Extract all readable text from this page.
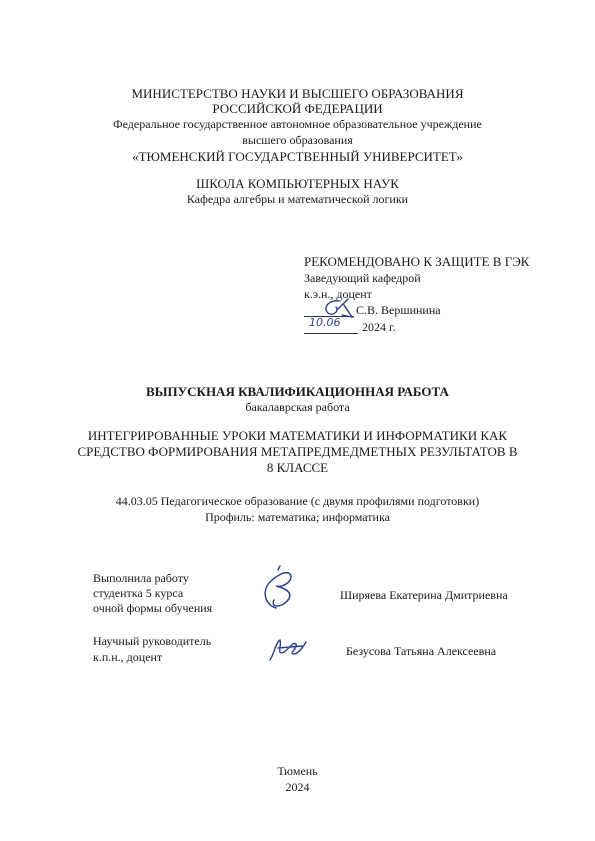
МИНИСТЕРСТВО НАУКИ И ВЫСШЕГО ОБРАЗОВАНИЯ
РОССИЙСКОЙ ФЕДЕРАЦИИ
Федеральное государственное автономное образовательное учреждение
высшего образования
«ТЮМЕНСКИЙ ГОСУДАРСТВЕННЫЙ УНИВЕРСИТЕТ»
ШКОЛА КОМПЬЮТЕРНЫХ НАУК
Кафедра алгебры и математической логики
РЕКОМЕНДОВАНО К ЗАЩИТЕ В ГЭК
Заведующий кафедрой
к.э.н., доцент
С.В. Вершинина
10.06 2024 г.
ВЫПУСКНАЯ КВАЛИФИКАЦИОННАЯ РАБОТА
бакалаврская работа
ИНТЕГРИРОВАННЫЕ УРОКИ МАТЕМАТИКИ И ИНФОРМАТИКИ КАК
СРЕДСТВО ФОРМИРОВАНИЯ МЕТАПРЕДМЕДМЕТНЫХ РЕЗУЛЬТАТОВ В
8 КЛАССЕ
44.03.05 Педагогическое образование (с двумя профилями подготовки)
Профиль: математика; информатика
Выполнила работу
студентка 5 курса
очной формы обучения
Ширяева Екатерина Дмитриевна
Научный руководитель
к.п.н., доцент	Безусова Татьяна Алексеевна
Тюмень
2024
